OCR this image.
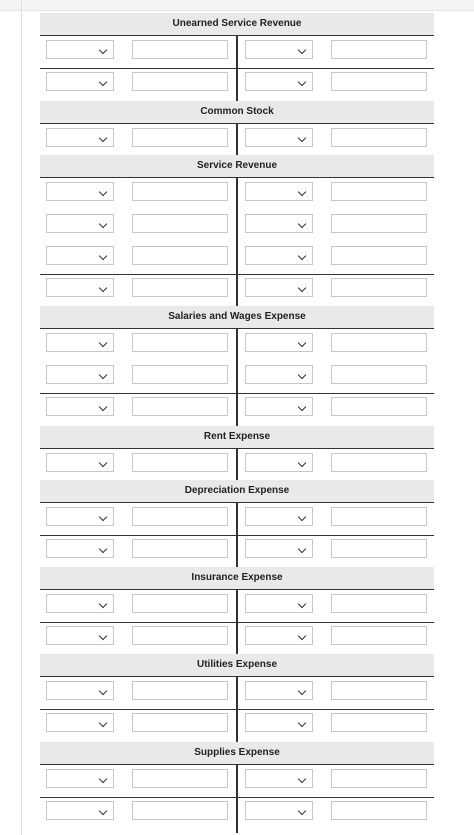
Unearned Service Revenue
Common Stock
Service Revenue
Salaries and Wages Expense
Rent Expense
Depreciation Expense
Insurance Expense
Utilities Expense
Supplies Expense
